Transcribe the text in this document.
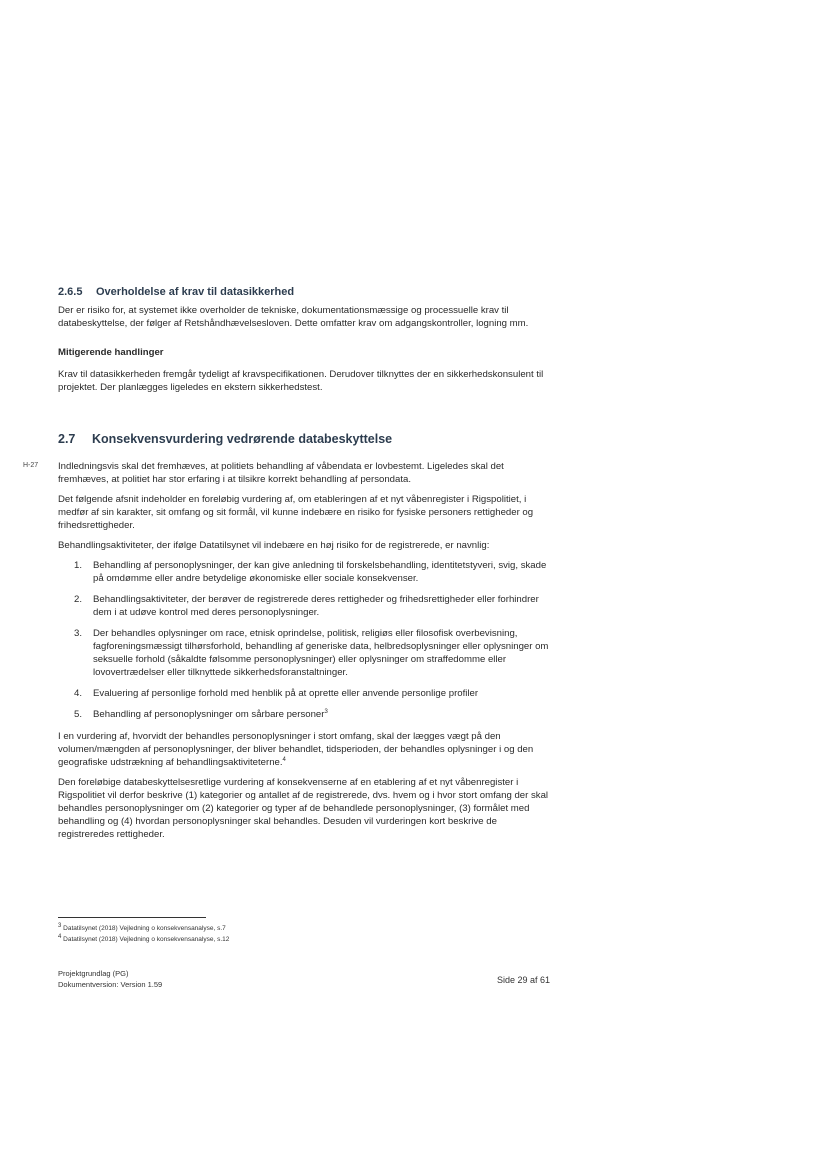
H-27
2.6.5	Overholdelse af krav til datasikkerhed

Der er risiko for, at systemet ikke overholder de tekniske, dokumentationsmæssige og processuelle krav til databeskyttelse, der følger af Retshåndhævelsesloven. Dette omfatter krav om adgangskontroller, logning mm.

Mitigerende handlinger

Krav til datasikkerheden fremgår tydeligt af kravspecifikationen. Derudover tilknyttes der en sikkerhedskonsulent til projektet. Der planlægges ligeledes en ekstern sikkerhedstest.

2.7	Konsekvensvurdering vedrørende databeskyttelse

Indledningsvis skal det fremhæves, at politiets behandling af våbendata er lovbestemt. Ligeledes skal det fremhæves, at politiet har stor erfaring i at tilsikre korrekt behandling af persondata.

Det følgende afsnit indeholder en foreløbig vurdering af, om etableringen af et nyt våbenregister i Rigspolitiet, i medfør af sin karakter, sit omfang og sit formål, vil kunne indebære en risiko for fysiske personers rettigheder og frihedsrettigheder.

Behandlingsaktiviteter, der ifølge Datatilsynet vil indebære en høj risiko for de registrerede, er navnlig:

1.	Behandling af personoplysninger, der kan give anledning til forskelsbehandling, identitetstyveri, svig, skade på omdømme eller andre betydelige økonomiske eller sociale konsekvenser.
2.	Behandlingsaktiviteter, der berøver de registrerede deres rettigheder og frihedsrettigheder eller forhindrer dem i at udøve kontrol med deres personoplysninger.
3.	Der behandles oplysninger om race, etnisk oprindelse, politisk, religiøs eller filosofisk overbevisning, fagforeningsmæssigt tilhørsforhold, behandling af generiske data, helbredsoplysninger eller oplysninger om seksuelle forhold (såkaldte følsomme personoplysninger) eller oplysninger om straffedomme eller lovovertrædelser eller tilknyttede sikkerhedsforanstaltninger.
4.	Evaluering af personlige forhold med henblik på at oprette eller anvende personlige profiler
5.	Behandling af personoplysninger om sårbare personer$^3$

I en vurdering af, hvorvidt der behandles personoplysninger i stort omfang, skal der lægges vægt på den volumen/mængden af personoplysninger, der bliver behandlet, tidsperioden, der behandles oplysninger i og den geografiske udstrækning af behandlingsaktiviteterne.$^4$

Den foreløbige databeskyttelsesretlige vurdering af konsekvenserne af en etablering af et nyt våbenregister i Rigspolitiet vil derfor beskrive (1) kategorier og antallet af de registrerede, dvs. hvem og i hvor stort omfang der skal behandles personoplysninger om (2) kategorier og typer af de behandlede personoplysninger, (3) formålet med behandling og (4) hvordan personoplysninger skal behandles. Desuden vil vurderingen kort beskrive de registreredes rettigheder.

$^3$ Datatilsynet (2018) Vejledning o konsekvensanalyse, s.7
$^4$ Datatilsynet (2018) Vejledning o konsekvensanalyse, s.12
Projektgrundlag (PG)
Dokumentversion: Version 1.59	Side 29 af 61
